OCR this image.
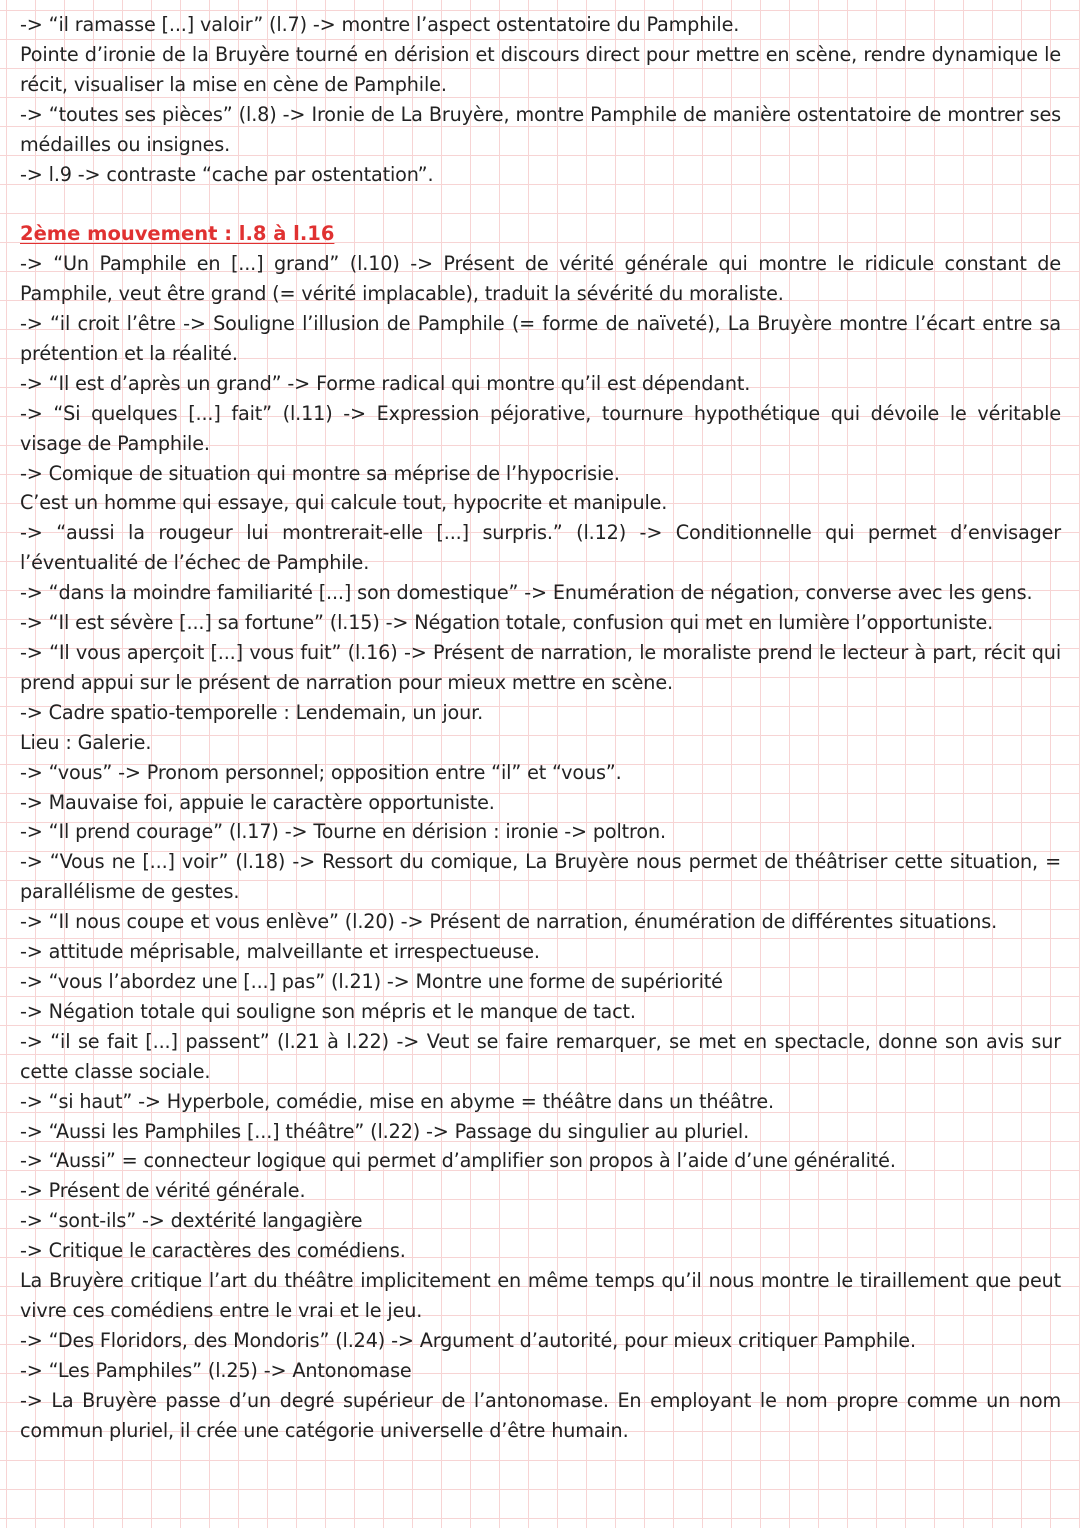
-> “il ramasse [...] valoir” (l.7) -> montre l’aspect ostentatoire du Pamphile.

Pointe d’ironie de la Bruyère tourné en dérision et discours direct pour mettre en scène, rendre dynamique le récit, visualiser la mise en cène de Pamphile.

-> “toutes ses pièces” (l.8) -> Ironie de La Bruyère, montre Pamphile de manière ostentatoire de montrer ses médailles ou insignes.

-> l.9 -> contraste “cache par ostentation”.

2ème mouvement : l.8 à l.16

-> “Un Pamphile en [...] grand” (l.10) -> Présent de vérité générale qui montre le ridicule constant de Pamphile, veut être grand (= vérité implacable), traduit la sévérité du moraliste.

-> “il croit l’être -> Souligne l’illusion de Pamphile (= forme de naïveté), La Bruyère montre l’écart entre sa prétention et la réalité.

-> “Il est d’après un grand” -> Forme radical qui montre qu’il est dépendant.

-> “Si quelques [...] fait” (l.11) -> Expression péjorative, tournure hypothétique qui dévoile le véritable visage de Pamphile.

-> Comique de situation qui montre sa méprise de l’hypocrisie.

C’est un homme qui essaye, qui calcule tout, hypocrite et manipule.

-> “aussi la rougeur lui montrerait-elle [...] surpris.” (l.12) -> Conditionnelle qui permet d’envisager l’éventualité de l’échec de Pamphile.

-> “dans la moindre familiarité [...] son domestique” -> Enumération de négation, converse avec les gens.

-> “Il est sévère [...] sa fortune” (l.15) -> Négation totale, confusion qui met en lumière l’opportuniste.

-> “Il vous aperçoit [...] vous fuit” (l.16) -> Présent de narration, le moraliste prend le lecteur à part, récit qui prend appui sur le présent de narration pour mieux mettre en scène.

-> Cadre spatio-temporelle : Lendemain, un jour.

Lieu : Galerie.

-> “vous” -> Pronom personnel; opposition entre “il” et “vous”.

-> Mauvaise foi, appuie le caractère opportuniste.

-> “Il prend courage” (l.17) -> Tourne en dérision : ironie -> poltron.

-> “Vous ne [...] voir” (l.18) -> Ressort du comique, La Bruyère nous permet de théâtriser cette situation, = parallélisme de gestes.

-> “Il nous coupe et vous enlève” (l.20) -> Présent de narration, énumération de différentes situations.

-> attitude méprisable, malveillante et irrespectueuse.

-> “vous l’abordez une [...] pas” (l.21) -> Montre une forme de supériorité

-> Négation totale qui souligne son mépris et le manque de tact.

-> “il se fait [...] passent” (l.21 à l.22) -> Veut se faire remarquer, se met en spectacle, donne son avis sur cette classe sociale.

-> “si haut” -> Hyperbole, comédie, mise en abyme = théâtre dans un théâtre.

-> “Aussi les Pamphiles [...] théâtre” (l.22) -> Passage du singulier au pluriel.

-> “Aussi” = connecteur logique qui permet d’amplifier son propos à l’aide d’une généralité.

-> Présent de vérité générale.

-> “sont-ils” -> dextérité langagière

-> Critique le caractères des comédiens.

La Bruyère critique l’art du théâtre implicitement en même temps qu’il nous montre le tiraillement que peut vivre ces comédiens entre le vrai et le jeu.

-> “Des Floridors, des Mondoris” (l.24) -> Argument d’autorité, pour mieux critiquer Pamphile.

-> “Les Pamphiles” (l.25) -> Antonomase

-> La Bruyère passe d’un degré supérieur de l’antonomase. En employant le nom propre comme un nom commun pluriel, il crée une catégorie universelle d’être humain.
